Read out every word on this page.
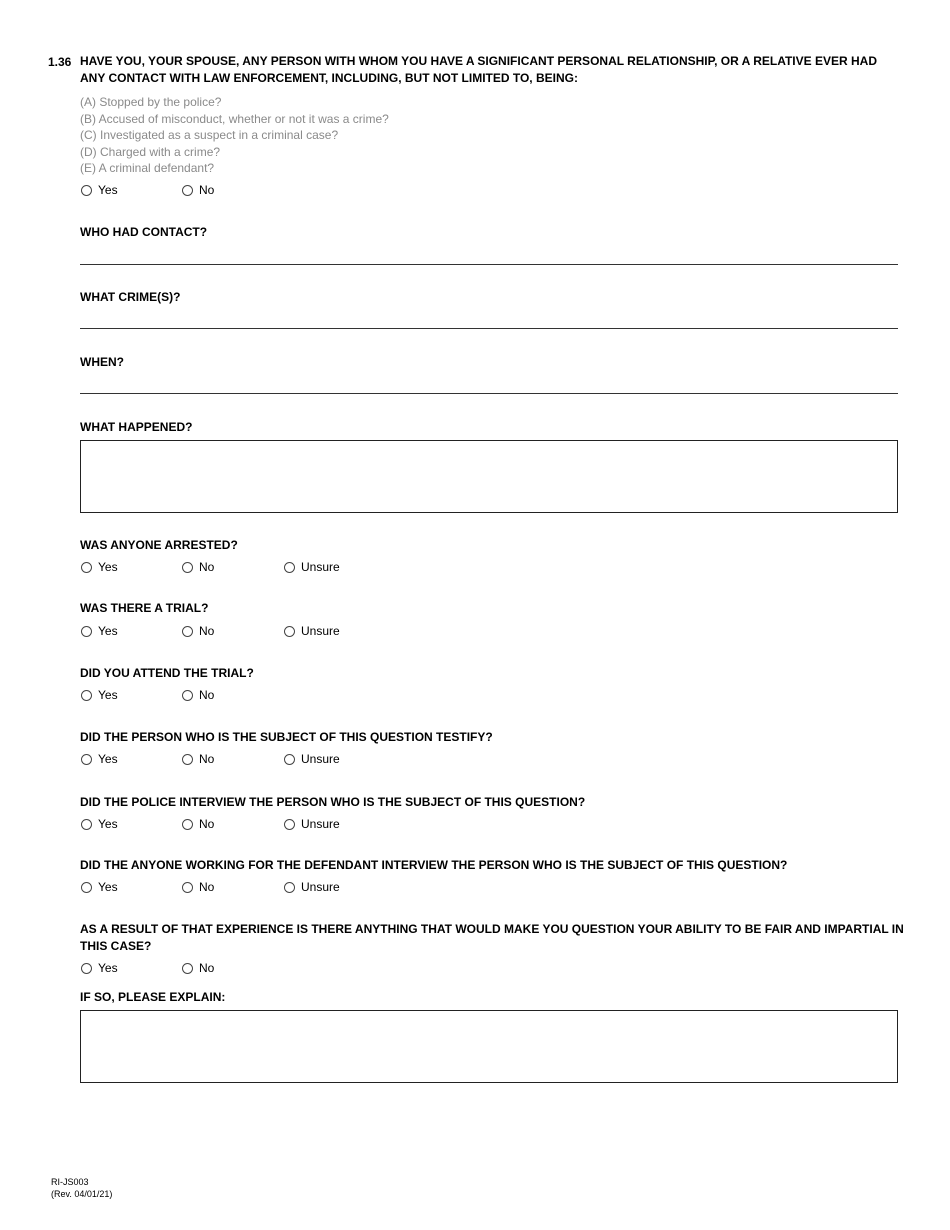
1.36 HAVE YOU, YOUR SPOUSE, ANY PERSON WITH WHOM YOU HAVE A SIGNIFICANT PERSONAL RELATIONSHIP, OR A RELATIVE EVER HAD ANY CONTACT WITH LAW ENFORCEMENT, INCLUDING, BUT NOT LIMITED TO, BEING:
(A) Stopped by the police?
(B) Accused of misconduct, whether or not it was a crime?
(C) Investigated as a suspect in a criminal case?
(D) Charged with a crime?
(E) A criminal defendant?
Yes	No
WHO HAD CONTACT?
WHAT CRIME(S)?
WHEN?
WHAT HAPPENED?
WAS ANYONE ARRESTED?
Yes	No	Unsure
WAS THERE A TRIAL?
Yes	No	Unsure
DID YOU ATTEND THE TRIAL?
Yes	No
DID THE PERSON WHO IS THE SUBJECT OF THIS QUESTION TESTIFY?
Yes	No	Unsure
DID THE POLICE INTERVIEW THE PERSON WHO IS THE SUBJECT OF THIS QUESTION?
Yes	No	Unsure
DID THE ANYONE WORKING FOR THE DEFENDANT INTERVIEW THE PERSON WHO IS THE SUBJECT OF THIS QUESTION?
Yes	No	Unsure
AS A RESULT OF THAT EXPERIENCE IS THERE ANYTHING THAT WOULD MAKE YOU QUESTION YOUR ABILITY TO BE FAIR AND IMPARTIAL IN THIS CASE?
Yes	No
IF SO, PLEASE EXPLAIN:
RI-JS003
(Rev. 04/01/21)
